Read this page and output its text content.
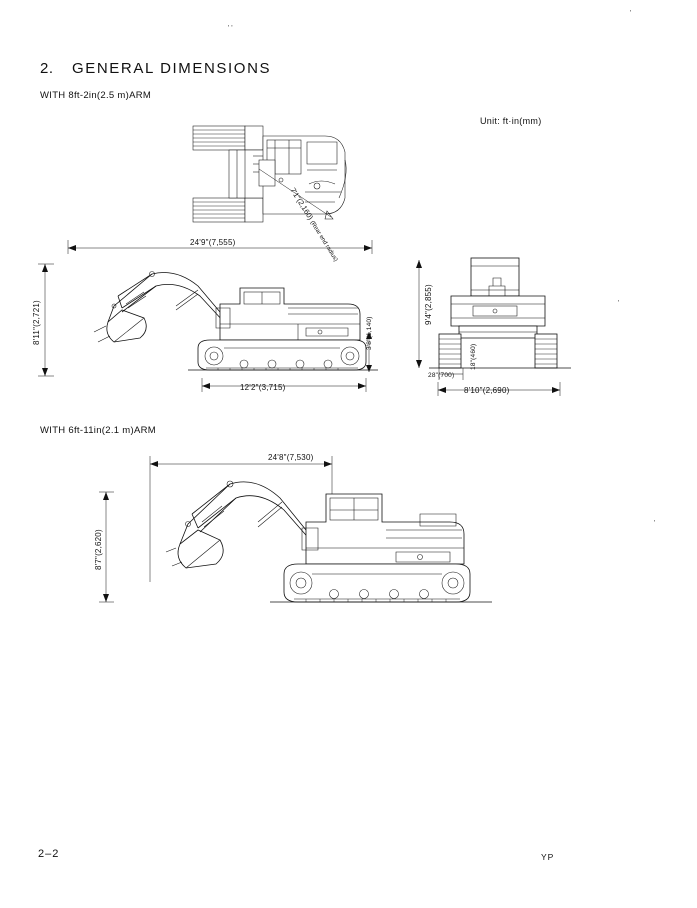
2. GENERAL DIMENSIONS
WITH 8ft-2in(2.5 m)ARM
WITH 6ft-11in(2.1 m)ARM
Unit: ft·in(mm)
' '
'
'
'
2–2	YP
7'1"(2,160) (Rear end radius)
24'9"(7,555)
8'11"(2,721)
12'2"(3,715)
3'8"(1,140)
9'4"(2,855)
28"(700)
18"(460)
8'10"(2,690)
24'8"(7,530)
8'7"(2,620)
